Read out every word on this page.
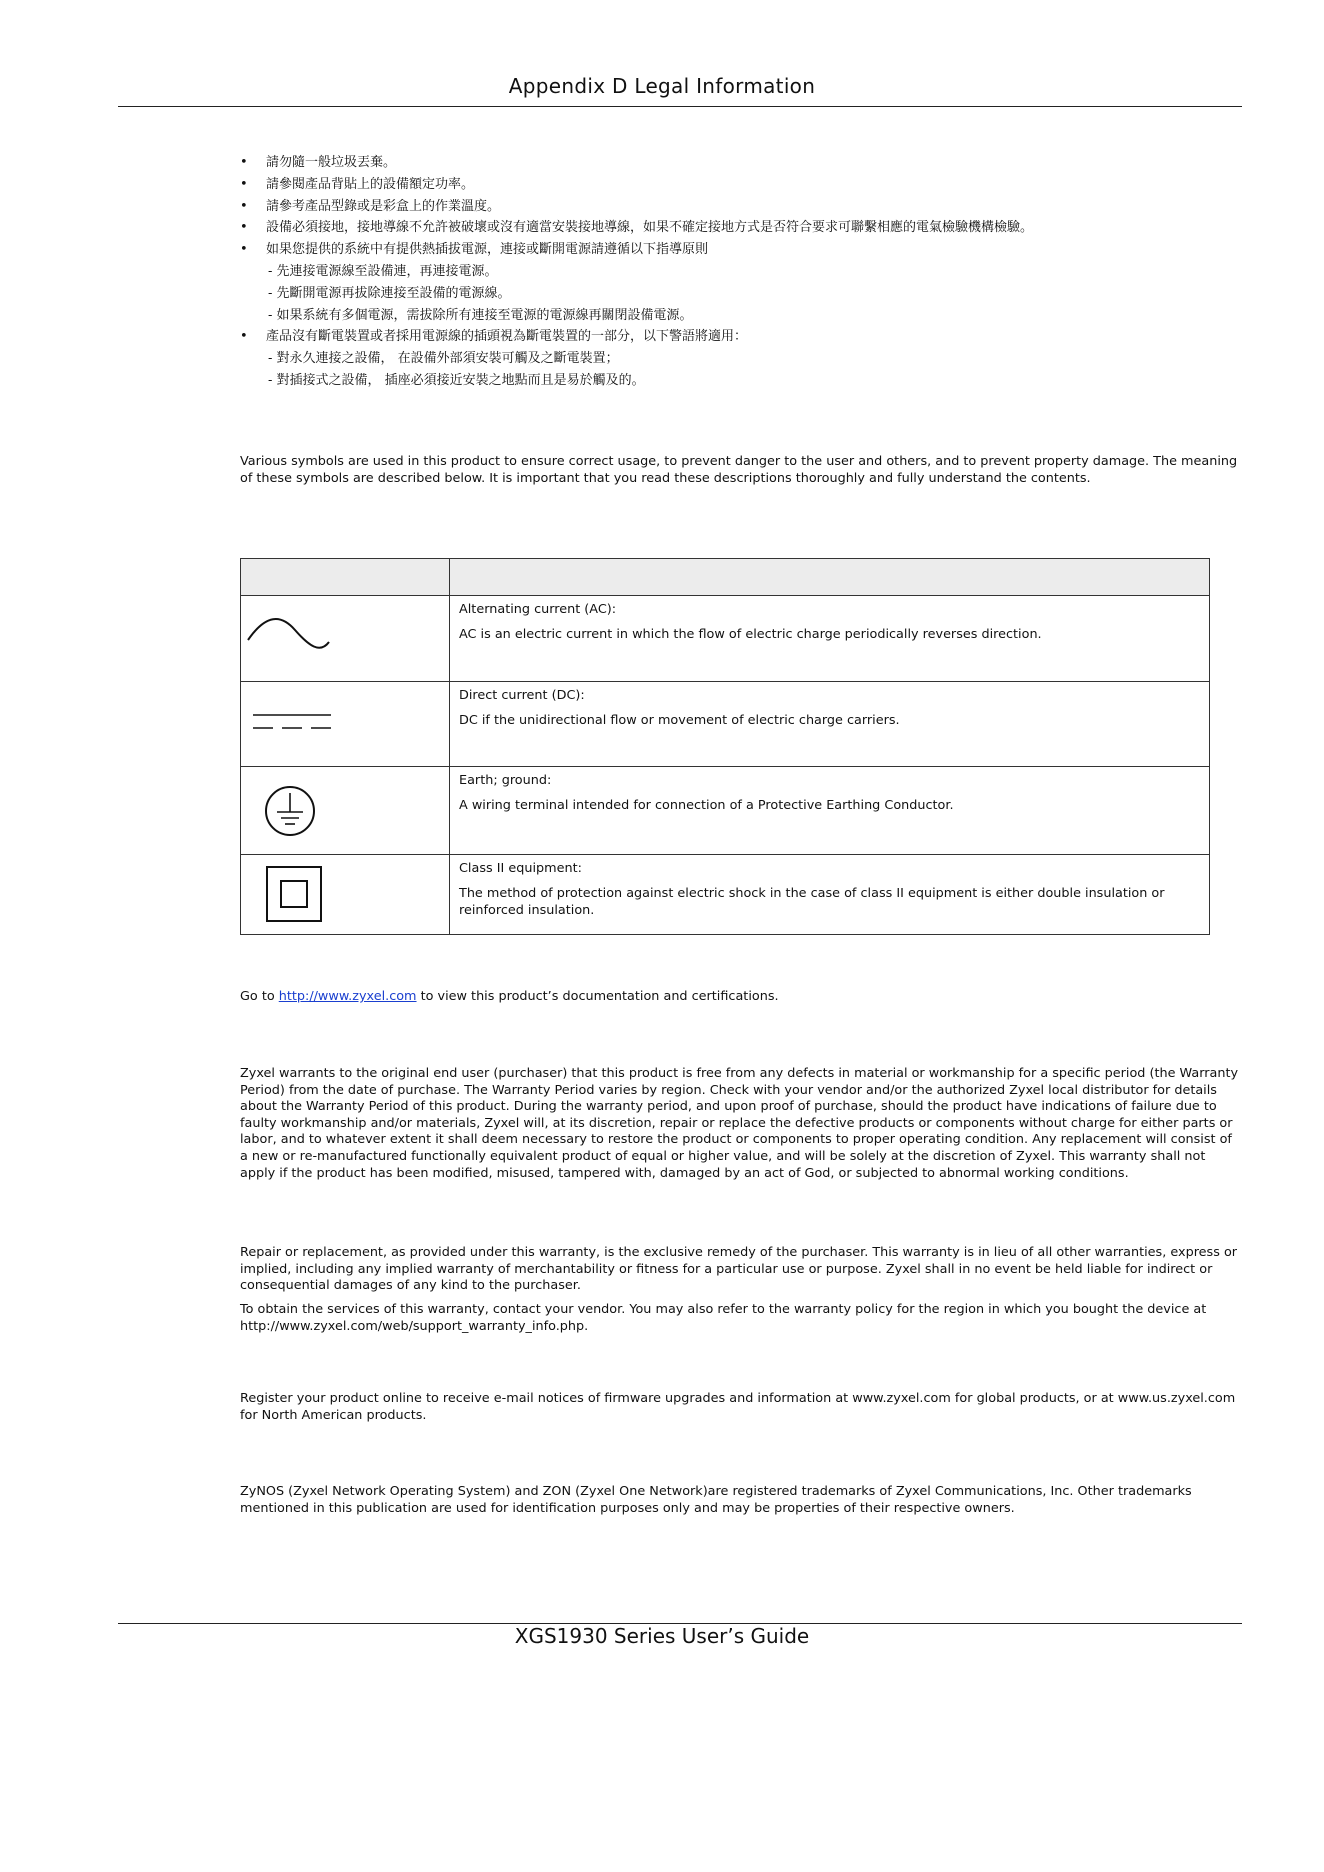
Appendix D Legal Information
• 請勿隨一般垃圾丟棄。
• 請參閱產品背貼上的設備額定功率。
• 請參考產品型錄或是彩盒上的作業溫度。
• 設備必須接地，接地導線不允許被破壞或沒有適當安裝接地導線，如果不確定接地方式是否符合要求可聯繫相應的電氣檢驗機構檢驗。
• 如果您提供的系統中有提供熱插拔電源，連接或斷開電源請遵循以下指導原則
- 先連接電源線至設備連，再連接電源。
- 先斷開電源再拔除連接至設備的電源線。
- 如果系統有多個電源，需拔除所有連接至電源的電源線再關閉設備電源。
• 產品沒有斷電裝置或者採用電源線的插頭視為斷電裝置的一部分，以下警語將適用：
- 對永久連接之設備， 在設備外部須安裝可觸及之斷電裝置；
- 對插接式之設備， 插座必須接近安裝之地點而且是易於觸及的。
Various symbols are used in this product to ensure correct usage, to prevent danger to the user and others, and to prevent property damage. The meaning of these symbols are described below. It is important that you read these descriptions thoroughly and fully understand the contents.

Alternating current (AC):
AC is an electric current in which the flow of electric charge periodically reverses direction.

Direct current (DC):
DC if the unidirectional flow or movement of electric charge carriers.

Earth; ground:
A wiring terminal intended for connection of a Protective Earthing Conductor.

Class II equipment:
The method of protection against electric shock in the case of class II equipment is either double insulation or reinforced insulation.
Go to http://www.zyxel.com to view this product’s documentation and certifications.
Zyxel warrants to the original end user (purchaser) that this product is free from any defects in material or workmanship for a specific period (the Warranty Period) from the date of purchase. The Warranty Period varies by region. Check with your vendor and/or the authorized Zyxel local distributor for details about the Warranty Period of this product. During the warranty period, and upon proof of purchase, should the product have indications of failure due to faulty workmanship and/or materials, Zyxel will, at its discretion, repair or replace the defective products or components without charge for either parts or labor, and to whatever extent it shall deem necessary to restore the product or components to proper operating condition. Any replacement will consist of a new or re-manufactured functionally equivalent product of equal or higher value, and will be solely at the discretion of Zyxel. This warranty shall not apply if the product has been modified, misused, tampered with, damaged by an act of God, or subjected to abnormal working conditions.
Repair or replacement, as provided under this warranty, is the exclusive remedy of the purchaser. This warranty is in lieu of all other warranties, express or implied, including any implied warranty of merchantability or fitness for a particular use or purpose. Zyxel shall in no event be held liable for indirect or consequential damages of any kind to the purchaser.
To obtain the services of this warranty, contact your vendor. You may also refer to the warranty policy for the region in which you bought the device at http://www.zyxel.com/web/support_warranty_info.php.
Register your product online to receive e-mail notices of firmware upgrades and information at www.zyxel.com for global products, or at www.us.zyxel.com for North American products.
ZyNOS (Zyxel Network Operating System) and ZON (Zyxel One Network)are registered trademarks of Zyxel Communications, Inc. Other trademarks mentioned in this publication are used for identification purposes only and may be properties of their respective owners.
XGS1930 Series User’s Guide
